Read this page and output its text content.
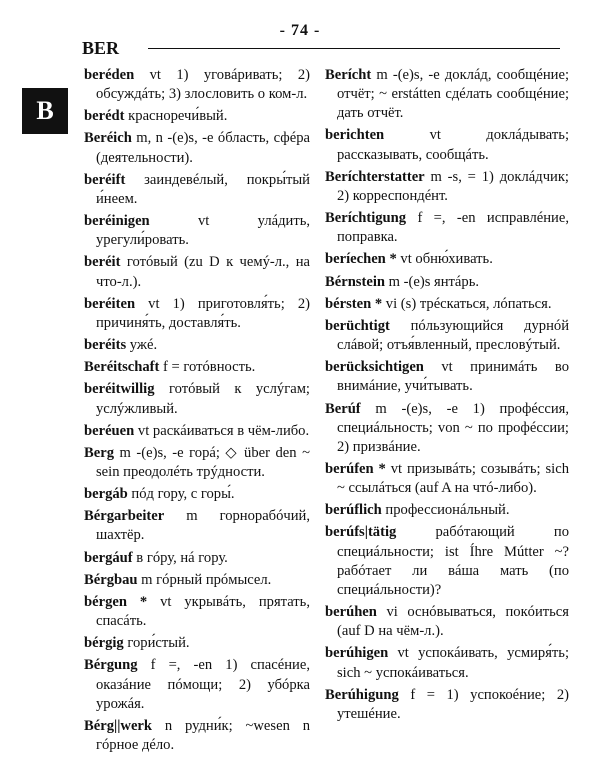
- 74 -
BER
B

beréden vt 1) уговáривать; 2) обсуждáть; 3) злословить о ком-л.

berédt красноречи́вый.

Beréich m, n -(e)s, -e óбласть, сфéра (деятельности).

beréift заиндевéлый, покры́тый и́неем.

beréinigen vt улáдить, урегули́ровать.

beréit готóвый (zu D к чемý-л., на что-л.).

beréiten vt 1) приготовля́ть; 2) причиня́ть, доставля́ть.

beréits ужé.

Beréitschaft f = готóвность.

beréitwillig готóвый к услýгам; услýжливый.

beréuen vt раскáиваться в чём-либо.

Berg m -(e)s, -e горá; ◇ über den ~ sein преодолéть трýдности.

bergáb пóд гору, с горы́.

Bérgarbeiter m горнорабóчий, шахтёр.

bergáuf в гóру, нá гору.

Bérgbau m гóрный прóмысел.

bérgen * vt укрывáть, прятать, спасáть.

bérgig гори́стый.

Bérgung f =, -en 1) спасéние, оказáние пóмощи; 2) убóрка урожáя.

Bérg||werk n рудни́к; ~wesen n гóрное дéло.

Berícht m -(e)s, -e доклáд, сообщéние; отчёт; ~ erstátten сдéлать сообщéние; дать отчёт.

berichten vt доклáдывать; рассказывать, сообщáть.

Beríchterstatter m -s, = 1) доклáдчик; 2) корреспондéнт.

Beríchtigung f =, -en исправлéние, поправка.

beríechen * vt обню́хивать.

Bérnstein m -(e)s янтáрь.

bérsten * vi (s) трéскаться, лóпаться.

berüchtigt пóльзующийся дурнóй слáвой; отъя́вленный, пресловýтый.

berücksichtigen vt принимáть во внимáние, учи́тывать.

Berúf m -(e)s, -e 1) профéссия, специáльность; von ~ по профéссии; 2) призвáние.

berúfen * vt призывáть; созывáть; sich ~ ссылáться (auf A на чтó-либо).

berúflich профессионáльный.

berúfs|tätig рабóтающий по специáльности; ist Íhre Mútter ~? рабóтает ли вáша мать (по специáльности)?

berúhen vi оснóвываться, покóиться (auf D на чём-л.).

berúhigen vt успокáивать, усмиря́ть; sich ~ успокáиваться.

Berúhigung f = 1) успокоéние; 2) утешéние.
